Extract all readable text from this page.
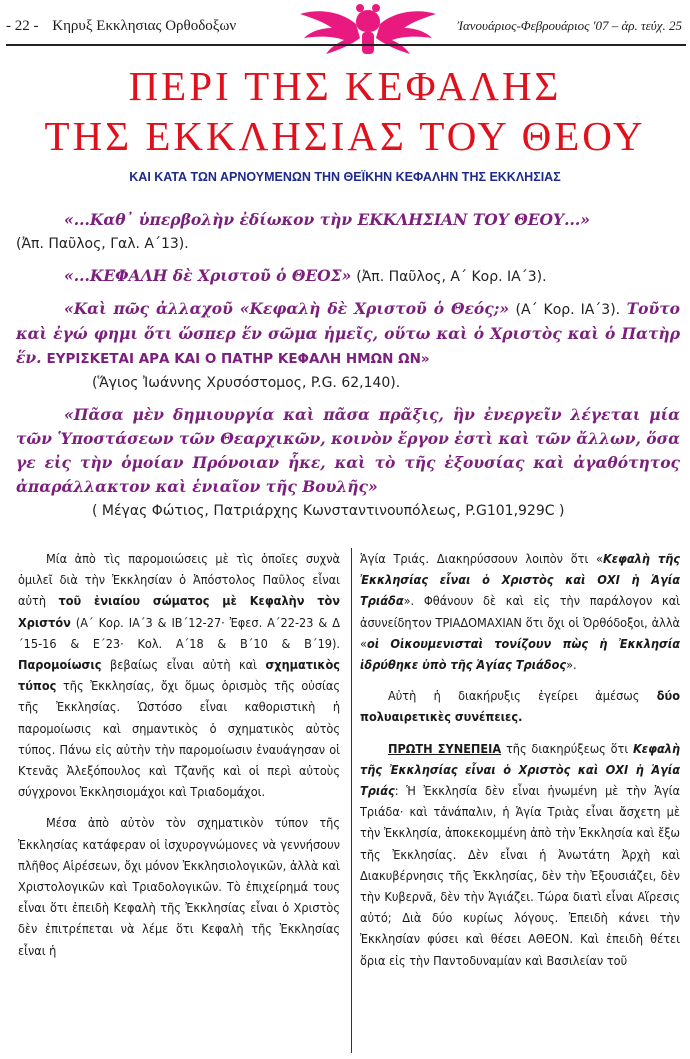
- 22 - Κηρυξ Εκκλησιας Ορθοδοξων	Ἰανουάριος-Φεβρουάριος '07 – ἀρ. τεύχ. 25
ΠΕΡΙ ΤΗΣ ΚΕΦΑΛΗΣ
ΤΗΣ ΕΚΚΛΗΣΙΑΣ ΤΟΥ ΘΕΟΥ

ΚΑΙ ΚΑΤΑ ΤΩΝ ΑΡΝΟΥΜΕΝΩΝ ΤΗΝ ΘΕΪΚΗΝ ΚΕΦΑΛΗΝ ΤΗΣ ΕΚΚΛΗΣΙΑΣ

«...Καθ᾽ ὑπερβολὴν ἐδίωκον τὴν ΕΚΚΛΗΣΙΑΝ ΤΟΥ ΘΕΟΥ...»
(Ἀπ. Παῦλος, Γαλ. Α´13).

«...ΚΕΦΑΛΗ δὲ Χριστοῦ ὁ ΘΕΟΣ» (Ἀπ. Παῦλος, Α´ Κορ. ΙΑ´3).

«Καὶ πῶς ἀλλαχοῦ «Κεφαλὴ δὲ Χριστοῦ ὁ Θεός;» (Α´ Κορ. ΙΑ´3). Τοῦτο καὶ ἐγώ φημι ὅτι ὥσπερ ἕν σῶμα ἡμεῖς, οὕτω καὶ ὁ Χριστὸς καὶ ὁ Πατὴρ ἕν. ΕΥΡΙΣΚΕΤΑΙ ΑΡΑ ΚΑΙ Ο ΠΑΤΗΡ ΚΕΦΑΛΗ ΗΜΩΝ ΩΝ»
(Ἅγιος Ἰωάννης Χρυσόστομος, P.G. 62,140).

«Πᾶσα μὲν δημιουργία καὶ πᾶσα πρᾶξις, ἣν ἐνεργεῖν λέγεται μία τῶν Ὑποστάσεων τῶν Θεαρχικῶν, κοινὸν ἔργον ἐστὶ καὶ τῶν ἄλλων, ὅσα γε εἰς τὴν ὁμοίαν Πρόνοιαν ἧκε, καὶ τὸ τῆς ἐξουσίας καὶ ἀγαθότητος ἀπαράλλακτον καὶ ἑνιαῖον τῆς Βουλῆς»
( Μέγας Φώτιος, Πατριάρχης Κωνσταντινουπόλεως, P.G101,929C )

Μία ἀπὸ τὶς παρομοιώσεις μὲ τὶς ὁποῖες συχνὰ ὁμιλεῖ διὰ τὴν Ἐκκλησίαν ὁ Ἀπόστολος Παῦλος εἶναι αὐτὴ τοῦ ἑνιαίου σώματος μὲ Κεφαλὴν τὸν Χριστόν (Α´ Κορ. ΙΑ´3 & ΙΒ´12-27· Ἐφεσ. Α´22-23 & Δ´15-16 & Ε´23· Κολ. Α´18 & Β´10 & Β´19). Παρομοίωσις βεβαίως εἶναι αὐτὴ καὶ σχηματικὸς τύπος τῆς Ἐκκλησίας, ὄχι ὅμως ὁρισμὸς τῆς οὐσίας τῆς Ἐκκλησίας. Ὡστόσο εἶναι καθοριστικὴ ἡ παρομοίωσις καὶ σημαντικὸς ὁ σχηματικὸς αὐτὸς τύπος. Πάνω εἰς αὐτὴν τὴν παρομοίωσιν ἐναυάγησαν οἱ Κτενᾶς Ἀλεξόπουλος καὶ Τζανῆς καὶ οἱ περὶ αὐτοὺς σύγχρονοι Ἐκκλησιομάχοι καὶ Τριαδομάχοι.

Μέσα ἀπὸ αὐτὸν τὸν σχηματικὸν τύπον τῆς Ἐκκλησίας κατάφεραν οἱ ἰσχυρογνώμονες νὰ γεννήσουν πλῆθος Αἱρέσεων, ὄχι μόνον Ἐκκλησιολογικῶν, ἀλλὰ καὶ Χριστολογικῶν καὶ Τριαδολογικῶν. Τὸ ἐπιχείρημά τους εἶναι ὅτι ἐπειδὴ Κεφαλὴ τῆς Ἐκκλησίας εἶναι ὁ Χριστὸς δὲν ἐπιτρέπεται νὰ λέμε ὅτι Κεφαλὴ τῆς Ἐκκλησίας εἶναι ἡ

Ἁγία Τριάς. Διακηρύσσουν λοιπὸν ὅτι «Κεφαλὴ τῆς Ἐκκλησίας εἶναι ὁ Χριστὸς καὶ ΟΧΙ ἡ Ἁγία Τριάδα». Φθάνουν δὲ καὶ εἰς τὴν παράλογον καὶ ἀσυνείδητον ΤΡΙΑΔΟΜΑΧΙΑΝ ὅτι ὄχι οἱ Ὀρθόδοξοι, ἀλλὰ «οἱ Οἰκουμενισταὶ τονίζουν πὼς ἡ Ἐκκλησία ἱδρύθηκε ὑπὸ τῆς Ἁγίας Τριάδος».

Αὐτὴ ἡ διακήρυξις ἐγείρει ἀμέσως δύο πολυαιρετικὲς συνέπειες.

ΠΡΩΤΗ ΣΥΝΕΠΕΙΑ τῆς διακηρύξεως ὅτι Κεφαλὴ τῆς Ἐκκλησίας εἶναι ὁ Χριστὸς καὶ ΟΧΙ ἡ Ἁγία Τριάς: Ἡ Ἐκκλησία δὲν εἶναι ἡνωμένη μὲ τὴν Ἁγία Τριάδα· καὶ τἀνάπαλιν, ἡ Ἁγία Τριὰς εἶναι ἄσχετη μὲ τὴν Ἐκκλησία, ἀποκεκομμένη ἀπὸ τὴν Ἐκκλησία καὶ ἔξω τῆς Ἐκκλησίας. Δὲν εἶναι ἡ Ἀνωτάτη Ἀρχὴ καὶ Διακυβέρνησις τῆς Ἐκκλησίας, δὲν τὴν Ἐξουσιάζει, δὲν τὴν Κυβερνᾶ, δὲν τὴν Ἁγιάζει. Τώρα διατὶ εἶναι Αἵρεσις αὐτό; Διὰ δύο κυρίως λόγους. Ἐπειδὴ κάνει τὴν Ἐκκλησίαν φύσει καὶ θέσει ΑΘΕΟΝ. Καὶ ἐπειδὴ θέτει ὅρια εἰς τὴν Παντοδυναμίαν καὶ Βασιλείαν τοῦ
